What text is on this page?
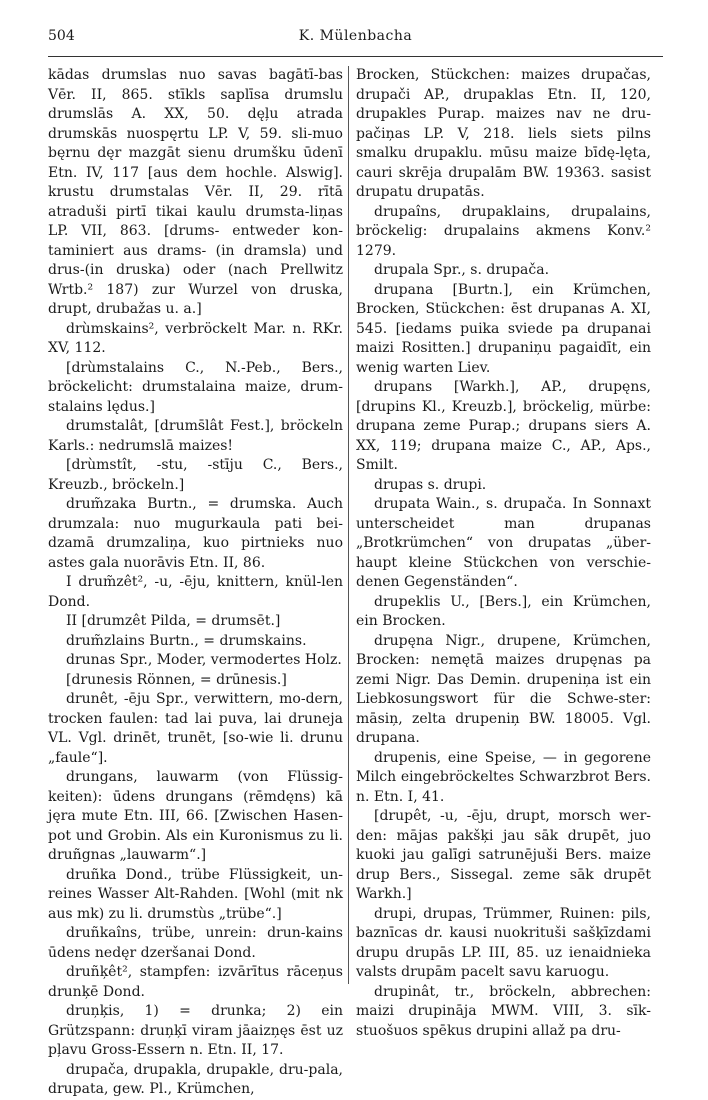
504	K. Mülenbacha

kādas drumslas nuo savas bagātī-bas Vēr. II, 865. stīkls saplīsa drumslu drumslās A. XX, 50. dęļu atrada drumskās nuospęrtu LP. V, 59. sli-muo bęrnu dęr mazgāt sienu drumšku ūdenī Etn. IV, 117 [aus dem hochle. Alswig]. krustu drumstalas Vēr. II, 29. rītā atraduši pirtī tikai kaulu drumsta-liņas LP. VII, 863. [drums- entweder kon-taminiert aus drams- (in dramsla) und drus-(in druska) oder (nach Prellwitz Wrtb.² 187) zur Wurzel von druska, drupt, drubažas u. a.]

drùmskains², verbröckelt Mar. n. RKr. XV, 112.

[drùmstalains C., N.-Peb., Bers., bröckelicht: drumstalaina maize, drum-stalains lędus.]

drumstalât, [drums̄lât Fest.], bröckeln Karls.: nedrumslā maizes!

[drùmstît, -stu, -stīju C., Bers., Kreuzb., bröckeln.]

drum̃zaka Burtn., = drumska. Auch drumzala: nuo mugurkaula pati bei-dzamā drumzaliņa, kuo pirtnieks nuo astes gala nuorāvis Etn. II, 86.

I drum̃zêt², -u, -ēju, knittern, knül-len Dond.

II [drumzêt Pilda, = drumsēt.]

drum̃zlains Burtn., = drumskains.

drunas Spr., Moder, vermodertes Holz.

[drunesis Rönnen, = drūnesis.]

drunêt, -ēju Spr., verwittern, mo-dern, trocken faulen: tad lai puva, lai druneja VL. Vgl. drinēt, trunēt, [so-wie li. drunu „faule“].

drungans, lauwarm (von Flüssig-keiten): ūdens drungans (rēmdęns) kā jęra mute Etn. III, 66. [Zwischen Hasen-pot und Grobin. Als ein Kuronismus zu li. druñgnas „lauwarm“.]

druñka Dond., trübe Flüssigkeit, un-reines Wasser Alt-Rahden. [Wohl (mit nk aus mk) zu li. drumstùs „trübe“.]

druñkaîns, trübe, unrein: drun-kains ūdens nedęr dzeršanai Dond.

druñķêt², stampfen: izvārītus rāceņus drunķē Dond.

druņķis, 1) = drunka; 2) ein Grützspann: druņķī viram jāaizņęs ēst uz pļavu Gross-Essern n. Etn. II, 17.

drupača, drupakla, drupakle, dru-pala, drupata, gew. Pl., Krümchen,

Brocken, Stückchen: maizes drupačas, drupači AP., drupaklas Etn. II, 120, drupakles Purap. maizes nav ne dru-pačiņas LP. V, 218. liels siets pilns smalku drupaklu. mūsu maize bīdę-lęta, cauri skrēja drupalām BW. 19363. sasist drupatu drupatās.

drupaîns, drupaklains, drupalains, bröckelig: drupalains akmens Konv.² 1279.

drupala Spr., s. drupača.

drupana [Burtn.], ein Krümchen, Brocken, Stückchen: ēst drupanas A. XI, 545. [iedams puika sviede pa drupanai maizi Rositten.] drupaniņu pagaidīt, ein wenig warten Liev.

drupans [Warkh.], AP., drupęns, [drupins Kl., Kreuzb.], bröckelig, mürbe: drupana zeme Purap.; drupans siers A. XX, 119; drupana maize C., AP., Aps., Smilt.

drupas s. drupi.

drupata Wain., s. drupača. In Sonnaxt unterscheidet man drupanas „Brotkrümchen“ von drupatas „über-haupt kleine Stückchen von verschie-denen Gegenständen“.

drupeklis U., [Bers.], ein Krümchen, ein Brocken.

drupęna Nigr., drupene, Krümchen, Brocken: nemętā maizes drupęnas pa zemi Nigr. Das Demin. drupeniņa ist ein Liebkosungswort für die Schwe-ster: māsiņ, zelta drupeniņ BW. 18005. Vgl. drupana.

drupenis, eine Speise, — in gegorene Milch eingebröckeltes Schwarzbrot Bers. n. Etn. I, 41.

[drupêt, -u, -ēju, drupt, morsch wer-den: mājas pakšķi jau sāk drupēt, juo kuoki jau galīgi satrunējuši Bers. maize drup Bers., Sissegal. zeme sāk drupēt Warkh.]

drupi, drupas, Trümmer, Ruinen: pils, baznīcas dr. kausi nuokrituši sašķīzdami drupu drupās LP. III, 85. uz ienaidnieka valsts drupām pacelt savu karuogu.

drupinât, tr., bröckeln, abbrechen: maizi drupināja MWM. VIII, 3. sīk-stuošuos spēkus drupini allaž pa dru-
